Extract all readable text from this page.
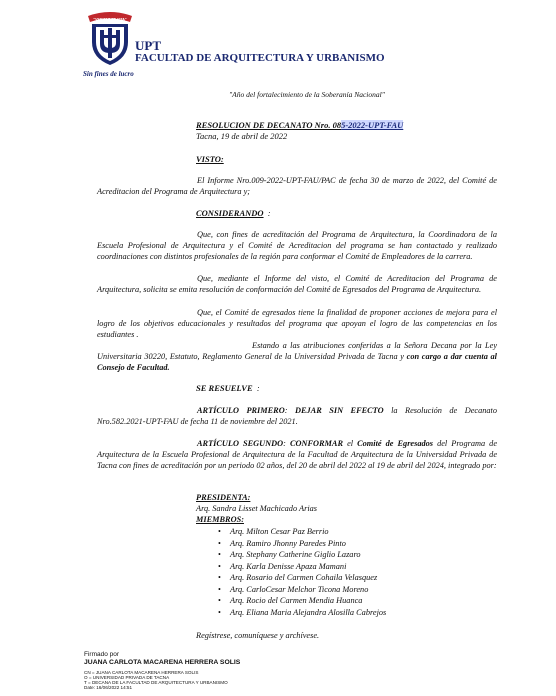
"VERITAS ET VITA"
Sin fines de lucro
UPT
FACULTAD DE ARQUITECTURA Y URBANISMO
"Año del fortalecimiento de la Soberanía Nacional"
RESOLUCION DE DECANATO Nro. 085-2022-UPT-FAU
Tacna, 19 de abril de 2022
VISTO:
El Informe Nro.009-2022-UPT-FAU/PAC de fecha 30 de marzo de 2022, del Comité de Acreditacion del Programa de Arquitectura y;
CONSIDERANDO :
Que, con fines de acreditación del Programa de Arquitectura, la Coordinadora de la Escuela Profesional de Arquitectura y el Comité de Acreditacion del programa se han contactado y realizado coordinaciones con distintos profesionales de la región para conformar el Comité de Empleadores de la carrera.
Que, mediante el Informe del visto, el Comité de Acreditacion del Programa de Arquitectura, solicita se emita resolución de conformación del Comité de Egresados del Programa de Arquitectura.
Que, el Comité de egresados tiene la finalidad de proponer acciones de mejora para el logro de los objetivos educacionales y resultados del programa que apoyan el logro de las competencias en los estudiantes .
Estando a las atribuciones conferidas a la Señora Decana por la Ley Universitaria 30220, Estatuto, Reglamento General de la Universidad Privada de Tacna y con cargo a dar cuenta al Consejo de Facultad.
SE RESUELVE :
ARTÍCULO PRIMERO: DEJAR SIN EFECTO la Resolución de Decanato Nro.582.2021-UPT-FAU de fecha 11 de noviembre del 2021.
ARTÍCULO SEGUNDO: CONFORMAR el Comité de Egresados del Programa de Arquitectura de la Escuela Profesional de Arquitectura de la Facultad de Arquitectura de la Universidad Privada de Tacna con fines de acreditación por un periodo 02 años, del 20 de abril del 2022 al 19 de abril del 2024, integrado por:
PRESIDENTA:
Arq. Sandra Lisset Machicado Arias
MIEMBROS:
• Arq. Milton Cesar Paz Berrio
• Arq. Ramiro Jhonny Paredes Pinto
• Arq. Stephany Catherine Giglio Lazaro
• Arq. Karla Denisse Apaza Mamani
• Arq. Rosario del Carmen Cohaila Velasquez
• Arq. CarloCesar Melchor Ticona Moreno
• Arq. Rocio del Carmen Mendia Huanca
• Arq. Eliana Maria Alejandra Alosilla Cabrejos
Regístrese, comuníquese y archívese.
Firmado por
JUANA CARLOTA MACARENA HERRERA SOLIS
CN = JUANA CARLOTA MACARENA HERRERA SOLIS
O = UNIVERSIDAD PRIVADA DE TACNA
T = DECANA DE LA FACULTAD DE ARQUITECTURA Y URBANISMO
Date: 16/06/2022 14:51
